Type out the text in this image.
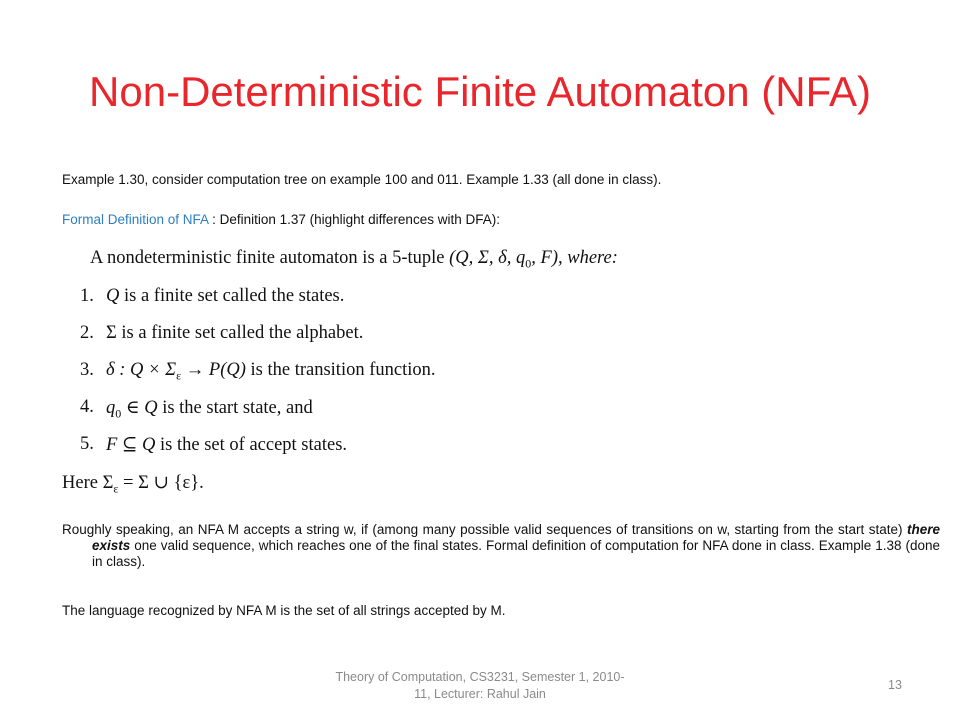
Non-Deterministic Finite Automaton (NFA)
Example 1.30, consider computation tree on example 100 and 011. Example 1.33 (all done in class).
Formal Definition of NFA : Definition 1.37 (highlight differences with DFA):
A nondeterministic finite automaton is a 5-tuple (Q, Σ, δ, $q_0$, F), where:
1. Q is a finite set called the states.
2. Σ is a finite set called the alphabet.
3. δ : $Q \times \Sigma_\varepsilon \to P(Q)$ is the transition function.
4. $q_0$ ∈ Q is the start state, and
5. F ⊆ Q is the set of accept states.
Here $\Sigma_\varepsilon = \Sigma$ ∪ {ε}.
Roughly speaking, an NFA M accepts a string w, if (among many possible valid sequences of transitions on w, starting from the start state) there exists one valid sequence, which reaches one of the final states. Formal definition of computation for NFA done in class. Example 1.38 (done in class).
The language recognized by NFA M is the set of all strings accepted by M.
Theory of Computation, CS3231, Semester 1, 2010-11, Lecturer: Rahul Jain
13
